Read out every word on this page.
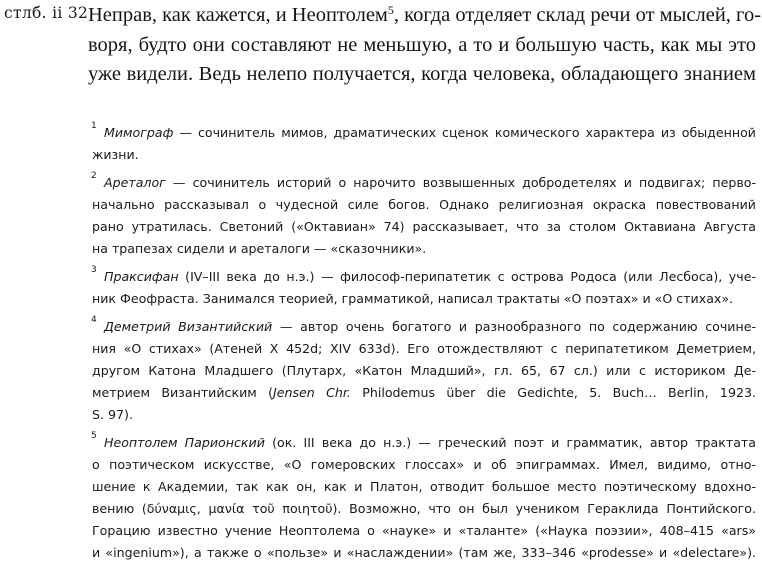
стлб. ii 32 Неправ, как кажется, и Неоптолем$^5$, когда отделяет склад речи от мыслей, го-
воря, будто они составляют не меньшую, а то и большую часть, как мы это
уже видели. Ведь нелепо получается, когда человека, обладающего знанием
1 Мимограф — сочинитель мимов, драматических сценок комического характера из обыденной
жизни.
2 Ареталог — сочинитель историй о нарочито возвышенных добродетелях и подвигах; перво-
начально рассказывал о чудесной силе богов. Однако религиозная окраска повествований
рано утратилась. Светоний («Октавиан» 74) рассказывает, что за столом Октавиана Августа
на трапезах сидели и ареталоги — «сказочники».
3 Праксифан (IV–III века до н.э.) — философ-перипатетик с острова Родоса (или Лесбоса), уче-
ник Феофраста. Занимался теорией, грамматикой, написал трактаты «О поэтах» и «О стихах».
4 Деметрий Византийский — автор очень богатого и разнообразного по содержанию сочине-
ния «О стихах» (Атеней X 452d; XIV 633d). Его отождествляют с перипатетиком Деметрием,
другом Катона Младшего (Плутарх, «Катон Младший», гл. 65, 67 сл.) или с историком Де-
метрием Византийским (Jensen Chr. Philodemus über die Gedichte, 5. Buch… Berlin, 1923.
S. 97).
5 Неоптолем Парионский (ок. III века до н.э.) — греческий поэт и грамматик, автор трактата
о поэтическом искусстве, «О гомеровских глоссах» и об эпиграммах. Имел, видимо, отно-
шение к Академии, так как он, как и Платон, отводит большое место поэтическому вдохно-
вению (δύναμις, μανία τοῦ ποιητοῦ). Возможно, что он был учеником Гераклида Понтийского.
Горацию известно учение Неоптолема о «науке» и «таланте» («Наука поэзии», 408–415 «ars»
и «ingenium»), а также о «пользе» и «наслаждении» (там же, 333–346 «prodesse» и «delectare»).
